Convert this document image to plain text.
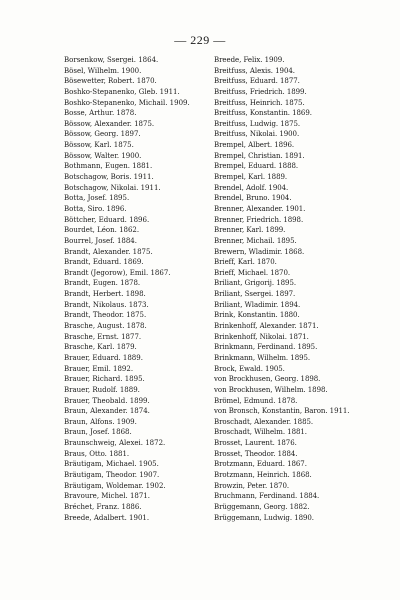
— 229 —
Borsenkow, Ssergei. 1864.
Bösel, Wilhelm. 1900.
Bösewetter, Robert. 1870.
Boshko-Stepanenko, Gleb. 1911.
Boshko-Stepanenko, Michail. 1909.
Bosse, Arthur. 1878.
Bössow, Alexander. 1875.
Bössow, Georg. 1897.
Bössow, Karl. 1875.
Bössow, Walter. 1900.
Bothmann, Eugen. 1881.
Botschagow, Boris. 1911.
Botschagow, Nikolai. 1911.
Botta, Josef. 1895.
Botta, Siro. 1896.
Böttcher, Eduard. 1896.
Bourdet, Léon. 1862.
Bourrel, Josef. 1884.
Brandt, Alexander. 1875.
Brandt, Eduard. 1869.
Brandt (Jegorow), Emil. 1867.
Brandt, Eugen. 1878.
Brandt, Herbert. 1898.
Brandt, Nikolaus. 1873.
Brandt, Theodor. 1875.
Brasche, August. 1878.
Brasche, Ernst. 1877.
Brasche, Karl. 1879.
Brauer, Eduard. 1889.
Brauer, Emil. 1892.
Brauer, Richard. 1895.
Brauer, Rudolf. 1889.
Brauer, Theobald. 1899.
Braun, Alexander. 1874.
Braun, Alfons. 1909.
Braun, Josef. 1868.
Braunschweig, Alexei. 1872.
Braus, Otto. 1881.
Bräutigam, Michael. 1905.
Bräutigam, Theodor. 1907.
Bräutigam, Woldemar. 1902.
Bravoure, Michel. 1871.
Bréchet, Franz. 1886.
Breede, Adalbert. 1901.
Breede, Felix. 1909.
Breitfuss, Alexis. 1904.
Breitfuss, Eduard. 1877.
Breitfuss, Friedrich. 1899.
Breitfuss, Heinrich. 1875.
Breitfuss, Konstantin. 1869.
Breitfuss, Ludwig. 1875.
Breitfuss, Nikolai. 1900.
Brempel, Albert. 1896.
Brempel, Christian. 1891.
Brempel, Eduard. 1888.
Brempel, Karl. 1889.
Brendel, Adolf. 1904.
Brendel, Bruno. 1904.
Brenner, Alexander. 1901.
Brenner, Friedrich. 1898.
Brenner, Karl. 1899.
Brenner, Michail. 1895.
Brewern, Wladimir. 1868.
Brieff, Karl. 1870.
Brieff, Michael. 1870.
Briliant, Grigorij. 1895.
Briliant, Ssergei. 1897.
Briliant, Wladimir. 1894.
Brink, Konstantin. 1880.
Brinkenhoff, Alexander. 1871.
Brinkenhoff, Nikolai. 1871.
Brinkmann, Ferdinand. 1895.
Brinkmann, Wilhelm. 1895.
Brock, Ewald. 1905.
von Brockhusen, Georg. 1898.
von Brockhusen, Wilhelm. 1898.
Brömel, Edmund. 1878.
von Bronsch, Konstantin, Baron. 1911.
Broschadt, Alexander. 1885.
Broschadt, Wilhelm. 1881.
Brosset, Laurent. 1876.
Brosset, Theodor. 1884.
Brotzmann, Eduard. 1867.
Brotzmann, Heinrich. 1868.
Browzin, Peter. 1870.
Bruchmann, Ferdinand. 1884.
Brüggemann, Georg. 1882.
Brüggemann, Ludwig. 1890.
